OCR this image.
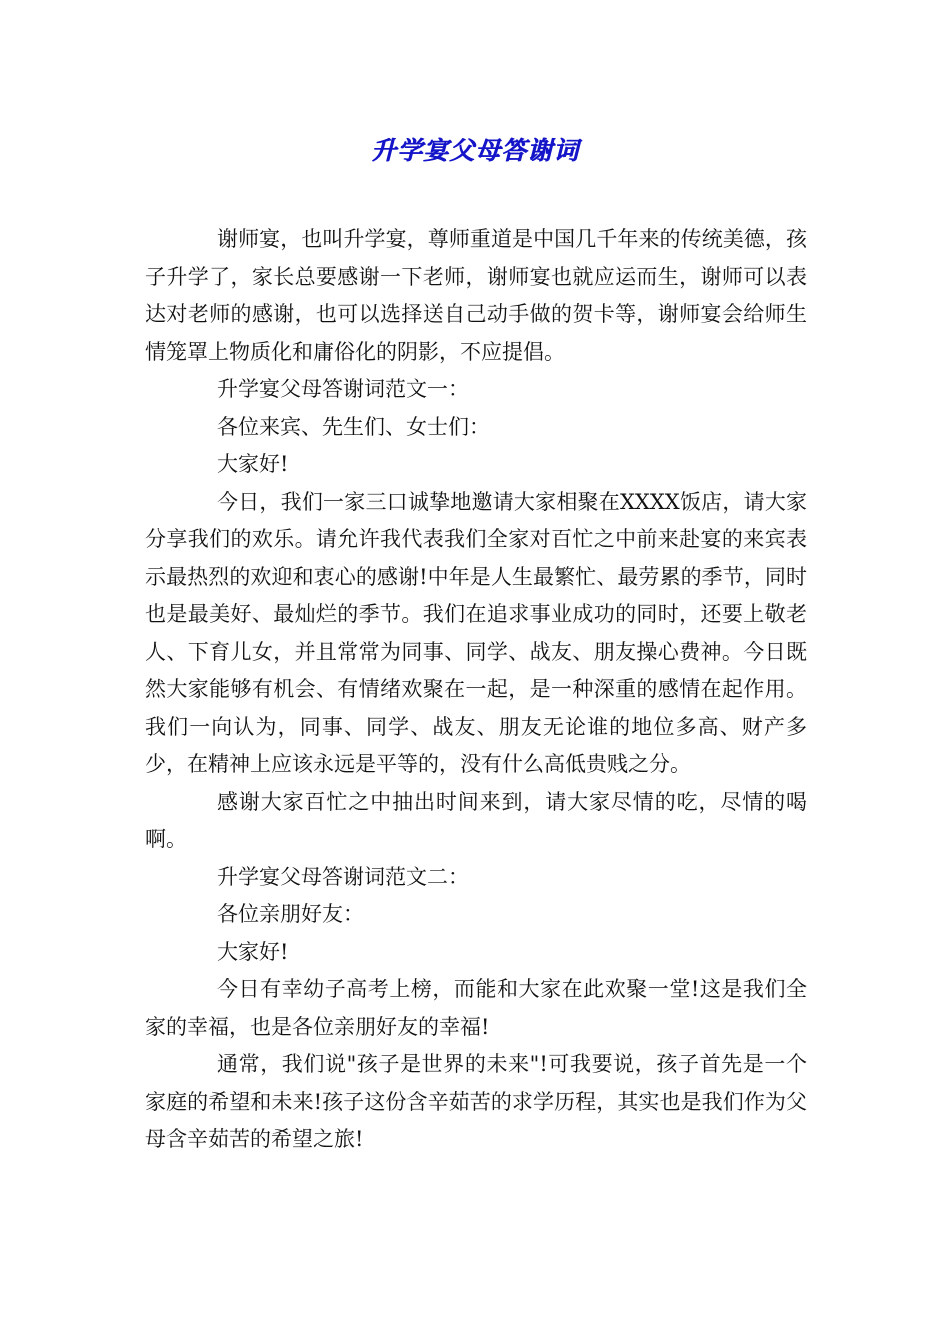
升学宴父母答谢词

谢师宴，也叫升学宴，尊师重道是中国几千年来的传统美德，孩子升学了，家长总要感谢一下老师，谢师宴也就应运而生，谢师可以表达对老师的感谢，也可以选择送自己动手做的贺卡等，谢师宴会给师生情笼罩上物质化和庸俗化的阴影，不应提倡。

升学宴父母答谢词范文一：

各位来宾、先生们、女士们：

大家好!

今日，我们一家三口诚挚地邀请大家相聚在XXXX饭店，请大家分享我们的欢乐。请允许我代表我们全家对百忙之中前来赴宴的来宾表示最热烈的欢迎和衷心的感谢!中年是人生最繁忙、最劳累的季节，同时也是最美好、最灿烂的季节。我们在追求事业成功的同时，还要上敬老人、下育儿女，并且常常为同事、同学、战友、朋友操心费神。今日既然大家能够有机会、有情绪欢聚在一起，是一种深重的感情在起作用。我们一向认为，同事、同学、战友、朋友无论谁的地位多高、财产多少，在精神上应该永远是平等的，没有什么高低贵贱之分。

感谢大家百忙之中抽出时间来到，请大家尽情的吃，尽情的喝啊。

升学宴父母答谢词范文二：

各位亲朋好友：

大家好!

今日有幸幼子高考上榜，而能和大家在此欢聚一堂!这是我们全家的幸福，也是各位亲朋好友的幸福!

通常，我们说"孩子是世界的未来"!可我要说，孩子首先是一个家庭的希望和未来!孩子这份含辛茹苦的求学历程，其实也是我们作为父母含辛茹苦的希望之旅!
